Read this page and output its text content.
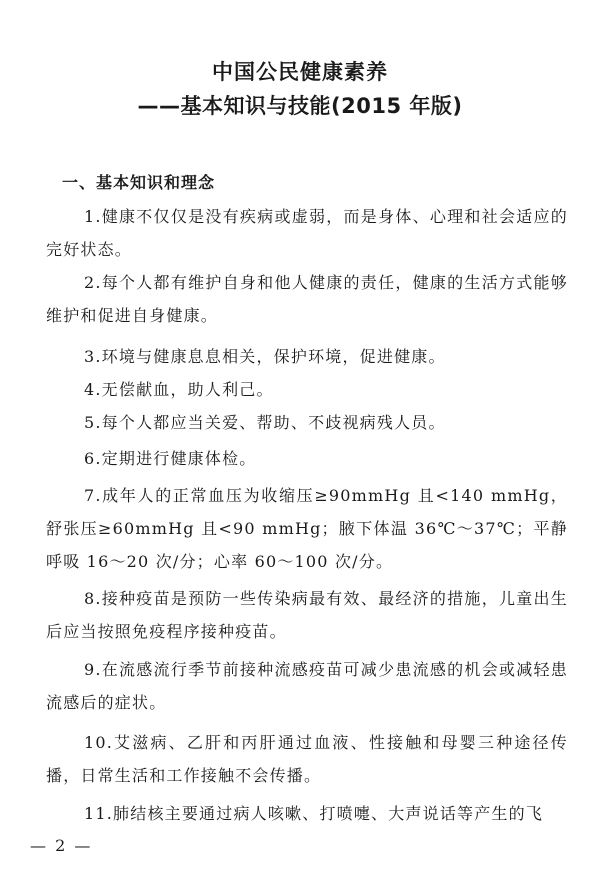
中国公民健康素养
——基本知识与技能(2015 年版)
一、基本知识和理念

1.健康不仅仅是没有疾病或虚弱，而是身体、心理和社会适应的完好状态。

2.每个人都有维护自身和他人健康的责任，健康的生活方式能够维护和促进自身健康。

3.环境与健康息息相关，保护环境，促进健康。

4.无偿献血，助人利己。

5.每个人都应当关爱、帮助、不歧视病残人员。

6.定期进行健康体检。

7.成年人的正常血压为收缩压≥90mmHg 且<140 mmHg，舒张压≥60mmHg 且<90 mmHg；腋下体温 36℃～37℃；平静呼吸 16～20 次/分；心率 60～100 次/分。

8.接种疫苗是预防一些传染病最有效、最经济的措施，儿童出生后应当按照免疫程序接种疫苗。

9.在流感流行季节前接种流感疫苗可减少患流感的机会或减轻患流感后的症状。

10.艾滋病、乙肝和丙肝通过血液、性接触和母婴三种途径传播，日常生活和工作接触不会传播。

11.肺结核主要通过病人咳嗽、打喷嚏、大声说话等产生的飞

— 2 —
